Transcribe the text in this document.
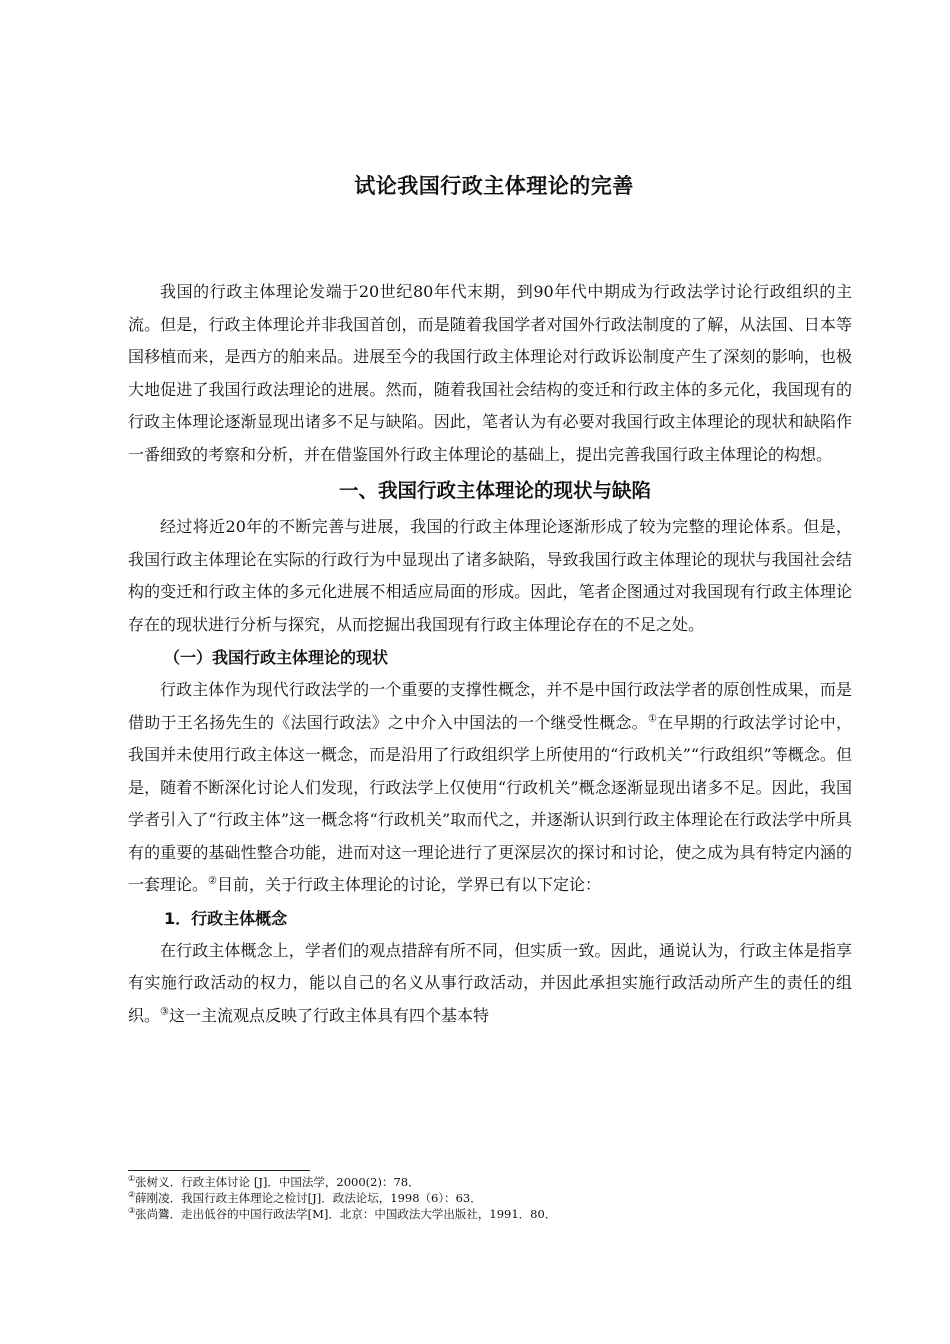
试论我国行政主体理论的完善

我国的行政主体理论发端于20世纪80年代末期，到90年代中期成为行政法学讨论行政组织的主流。但是，行政主体理论并非我国首创，而是随着我国学者对国外行政法制度的了解，从法国、日本等国移植而来，是西方的舶来品。进展至今的我国行政主体理论对行政诉讼制度产生了深刻的影响，也极大地促进了我国行政法理论的进展。然而，随着我国社会结构的变迁和行政主体的多元化，我国现有的行政主体理论逐渐显现出诸多不足与缺陷。因此，笔者认为有必要对我国行政主体理论的现状和缺陷作一番细致的考察和分析，并在借鉴国外行政主体理论的基础上，提出完善我国行政主体理论的构想。

一、我国行政主体理论的现状与缺陷

经过将近20年的不断完善与进展，我国的行政主体理论逐渐形成了较为完整的理论体系。但是，我国行政主体理论在实际的行政行为中显现出了诸多缺陷，导致我国行政主体理论的现状与我国社会结构的变迁和行政主体的多元化进展不相适应局面的形成。因此，笔者企图通过对我国现有行政主体理论存在的现状进行分析与探究，从而挖掘出我国现有行政主体理论存在的不足之处。

（一）我国行政主体理论的现状

行政主体作为现代行政法学的一个重要的支撑性概念，并不是中国行政法学者的原创性成果，而是借助于王名扬先生的《法国行政法》之中介入中国法的一个继受性概念。①在早期的行政法学讨论中，我国并未使用行政主体这一概念，而是沿用了行政组织学上所使用的“行政机关”“行政组织”等概念。但是，随着不断深化讨论人们发现，行政法学上仅使用“行政机关”概念逐渐显现出诸多不足。因此，我国学者引入了“行政主体”这一概念将“行政机关”取而代之，并逐渐认识到行政主体理论在行政法学中所具有的重要的基础性整合功能，进而对这一理论进行了更深层次的探讨和讨论，使之成为具有特定内涵的一套理论。②目前，关于行政主体理论的讨论，学界已有以下定论：

1．行政主体概念

在行政主体概念上，学者们的观点措辞有所不同，但实质一致。因此，通说认为，行政主体是指享有实施行政活动的权力，能以自己的名义从事行政活动，并因此承担实施行政活动所产生的责任的组织。③这一主流观点反映了行政主体具有四个基本特

①张树义．行政主体讨论 [J]．中国法学，2000(2)：78．
②薛刚凌．我国行政主体理论之检讨[J]．政法论坛，1998（6）：63．
③张尚鷟．走出低谷的中国行政法学[M]．北京：中国政法大学出版社，1991．80．
